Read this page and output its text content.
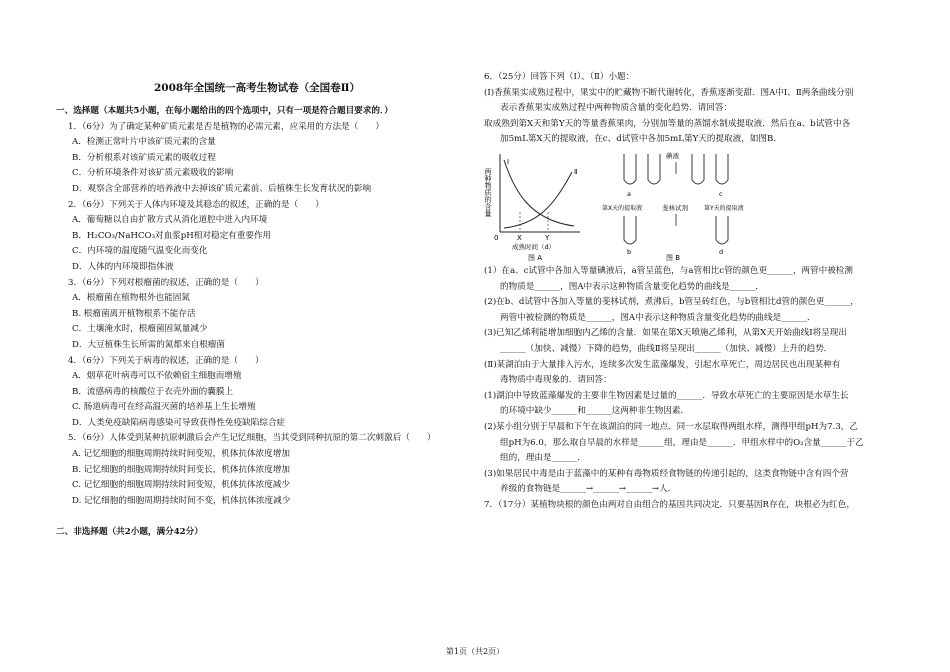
2008年全国统一高考生物试卷（全国卷Ⅱ）
一、选择题（本题共5小题，在每小题给出的四个选项中，只有一项是符合题目要求的．）
1．（6分）为了确定某种矿质元素是否是植物的必需元素，应采用的方法是（　　）
A．检测正常叶片中该矿质元素的含量
B．分析根系对该矿质元素的吸收过程
C．分析环境条件对该矿质元素吸收的影响
D．观察含全部营养的培养液中去掉该矿质元素前、后植株生长发育状况的影响
2．（6分）下列关于人体内环境及其稳态的叙述，正确的是（　　）
A．葡萄糖以自由扩散方式从消化道腔中进入内环境
B．H₂CO₃/NaHCO₃对血浆pH相对稳定有重要作用
C．内环境的温度随气温变化而变化
D．人体的内环境即指体液
3．（6分）下列对根瘤菌的叙述，正确的是（　　）
A．根瘤菌在植物根外也能固氮
B. 根瘤菌离开植物根系不能存活
C．土壤淹水时，根瘤菌固氮量减少
D．大豆植株生长所需的氮都来自根瘤菌
4．（6分）下列关于病毒的叙述，正确的是（　　）
A．烟草花叶病毒可以不依赖宿主细胞而增殖
B．流感病毒的核酸位于衣壳外面的囊膜上
C. 肠道病毒可在经高温灭菌的培养基上生长增殖
D．人类免疫缺陷病毒感染可导致获得性免疫缺陷综合症
5．（6分）人体受到某种抗原刺激后会产生记忆细胞，当其受到同种抗原的第二次刺激后（　　）
A. 记忆细胞的细胞周期持续时间变短，机体抗体浓度增加
B. 记忆细胞的细胞周期持续时间变长，机体抗体浓度增加
C. 记忆细胞的细胞周期持续时间变短，机体抗体浓度减少
D. 记忆细胞的细胞周期持续时间不变，机体抗体浓度减少
二、非选择题（共2小题，满分42分）
6．（25分）回答下列（Ⅰ）、（Ⅱ）小题：
(Ⅰ)香蕉果实成熟过程中，果实中的贮藏物不断代谢转化，香蕉逐渐变甜．图A中Ⅰ、Ⅱ两条曲线分别
表示香蕉果实成熟过程中两种物质含量的变化趋势．请回答：
取成熟到第X天和第Y天的等量香蕉果肉，分别加等量的蒸馏水制成提取液．然后在a、b试管中各
加5mL第X天的提取液，在c、d试管中各加5mL第Y天的提取液，如图B．
两种物质的含量
Ⅰ
Ⅱ
0	X	Y
成熟时间（d）
图 A
碘液
a	c
第X天的提取液	斐林试剂	第Y天的提取液
b	d
图 B
(1）在a、c试管中各加入等量碘液后，a管呈蓝色，与a管相比c管的颜色更______，两管中被检测
的物质是______，图A中表示这种物质含量变化趋势的曲线是______．
(2)在b、d试管中各加入等量的斐林试剂，煮沸后，b管呈砖红色，与b管相比d管的颜色更______，
两管中被检测的物质是______，图A中表示这种物质含量变化趋势的曲线是______．
(3)已知乙烯利能增加细胞内乙烯的含量．如果在第X天喷施乙烯利，从第X天开始曲线Ⅰ将呈现出
______（加快、减慢）下降的趋势，曲线Ⅱ将呈现出______（加快、减慢）上升的趋势．
(Ⅱ)某湖泊由于大量排入污水，连续多次发生蓝藻爆发，引起水草死亡，周边居民也出现某种有
毒物质中毒现象的．请回答：
(1)湖泊中导致蓝藻爆发的主要非生物因素是过量的______．导致水草死亡的主要原因是水草生长
的环境中缺少______和______这两种非生物因素．
(2)某小组分别于早晨和下午在该湖泊的同一地点、同一水层取得两组水样，测得甲组pH为7.3，乙
组pH为6.0，那么取自早晨的水样是______组，理由是______．甲组水样中的O₂含量______于乙
组的，理由是______．
(3)如果居民中毒是由于蓝藻中的某种有毒物质经食物链的传递引起的，这类食物链中含有四个营
养级的食物链是______→______→______→人．
7．（17分）某植物块根的颜色由两对自由组合的基因共同决定．只要基因R存在，块根必为红色，
第1页（共2页）
